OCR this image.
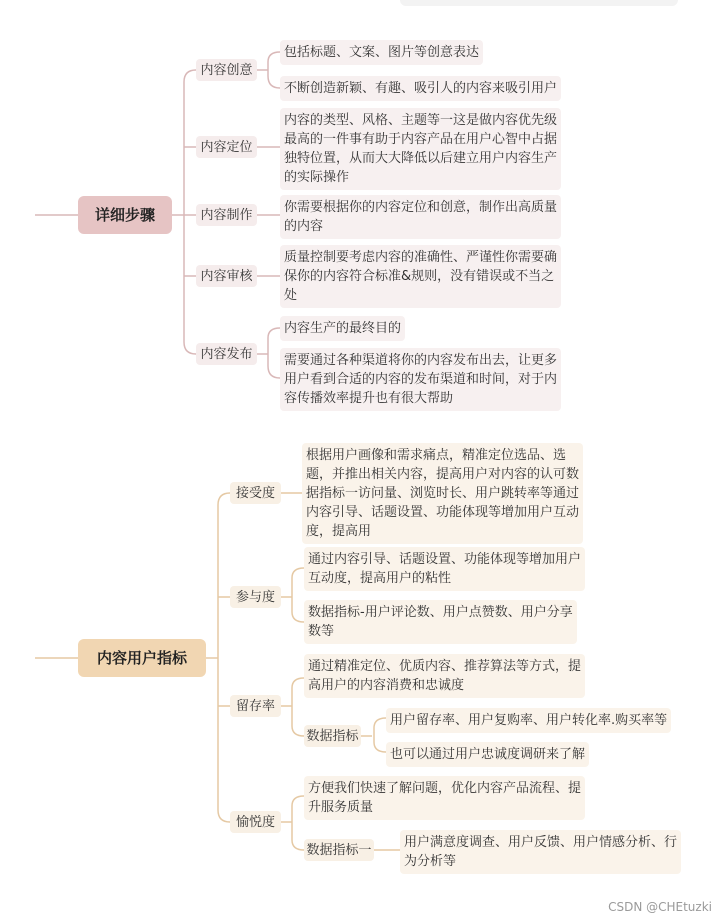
详细步骤
内容创意
包括标题、文案、图片等创意表达
不断创造新颖、有趣、吸引人的内容来吸引用户
内容定位
内容的类型、风格、主题等一这是做内容优先级
最高的一件事有助于内容产品在用户心智中占据
独特位置，从而大大降低以后建立用户内容生产
的实际操作
内容制作	你需要根据你的内容定位和创意，制作出高质量
的内容
内容审核
质量控制要考虑内容的准确性、严谨性你需要确
保你的内容符合标准&规则，没有错误或不当之
处
内容发布
内容生产的最终目的
需要通过各种渠道将你的内容发布出去，让更多
用户看到合适的内容的发布渠道和时间，对于内
容传播效率提升也有很大帮助
内容用户指标
接受度
根据用户画像和需求痛点，精准定位选品、选
题，并推出相关内容，提高用户对内容的认可数
据指标一访问量、浏览时长、用户跳转率等通过
内容引导、话题设置、功能体现等增加用户互动
度，提高用
参与度
通过内容引导、话题设置、功能体现等增加用户
互动度，提高用户的粘性
数据指标-用户评论数、用户点赞数、用户分享
数等
留存率
通过精准定位、优质内容、推荐算法等方式，提
高用户的内容消费和忠诚度
数据指标
用户留存率、用户复购率、用户转化率.购买率等
也可以通过用户忠诚度调研来了解
愉悦度
方便我们快速了解问题，优化内容产品流程、提
升服务质量
数据指标一	用户满意度调查、用户反馈、用户情感分析、行
为分析等
CSDN @CHEtuzki
